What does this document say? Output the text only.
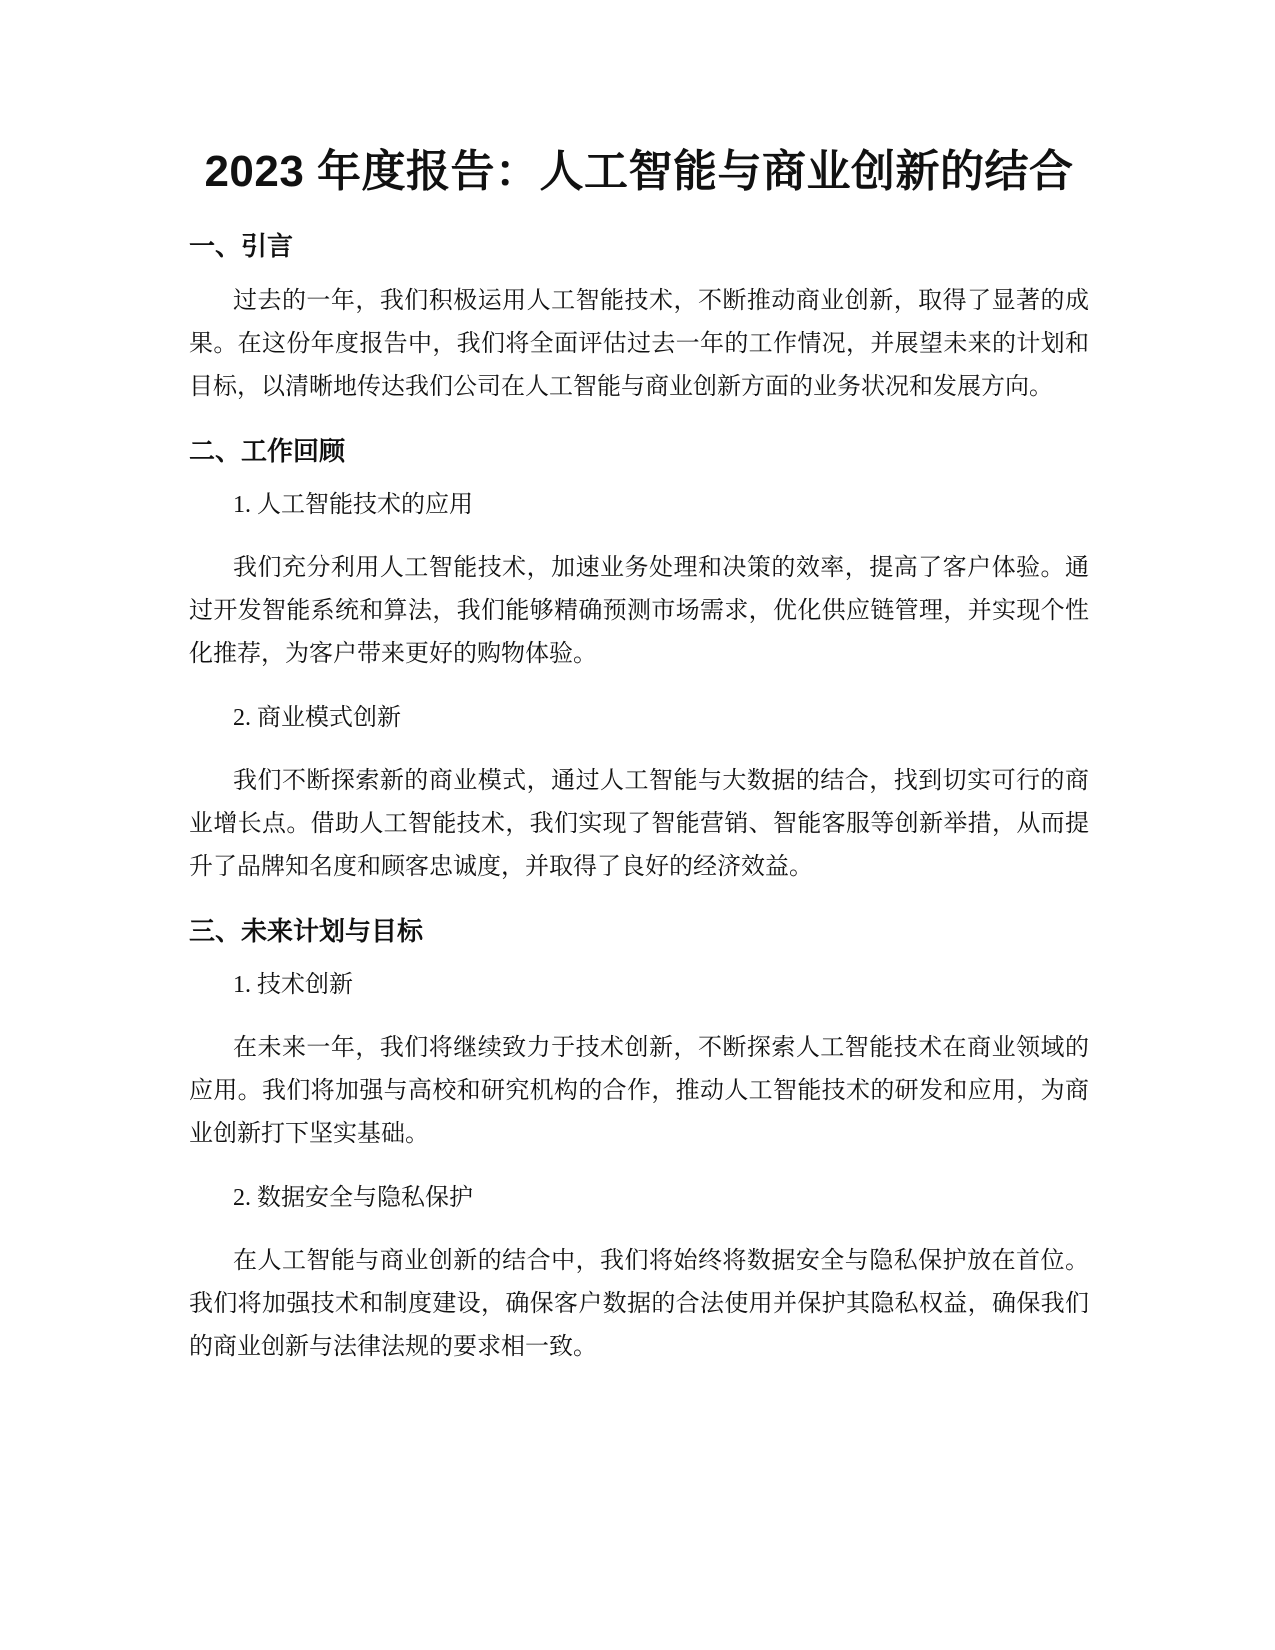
2023 年度报告：人工智能与商业创新的结合
一、引言

过去的一年，我们积极运用人工智能技术，不断推动商业创新，取得了显著的成果。在这份年度报告中，我们将全面评估过去一年的工作情况，并展望未来的计划和目标，以清晰地传达我们公司在人工智能与商业创新方面的业务状况和发展方向。

二、工作回顾
1. 人工智能技术的应用

我们充分利用人工智能技术，加速业务处理和决策的效率，提高了客户体验。通过开发智能系统和算法，我们能够精确预测市场需求，优化供应链管理，并实现个性化推荐，为客户带来更好的购物体验。

2. 商业模式创新

我们不断探索新的商业模式，通过人工智能与大数据的结合，找到切实可行的商业增长点。借助人工智能技术，我们实现了智能营销、智能客服等创新举措，从而提升了品牌知名度和顾客忠诚度，并取得了良好的经济效益。

三、未来计划与目标
1. 技术创新

在未来一年，我们将继续致力于技术创新，不断探索人工智能技术在商业领域的应用。我们将加强与高校和研究机构的合作，推动人工智能技术的研发和应用，为商业创新打下坚实基础。

2. 数据安全与隐私保护

在人工智能与商业创新的结合中，我们将始终将数据安全与隐私保护放在首位。我们将加强技术和制度建设，确保客户数据的合法使用并保护其隐私权益，确保我们的商业创新与法律法规的要求相一致。
